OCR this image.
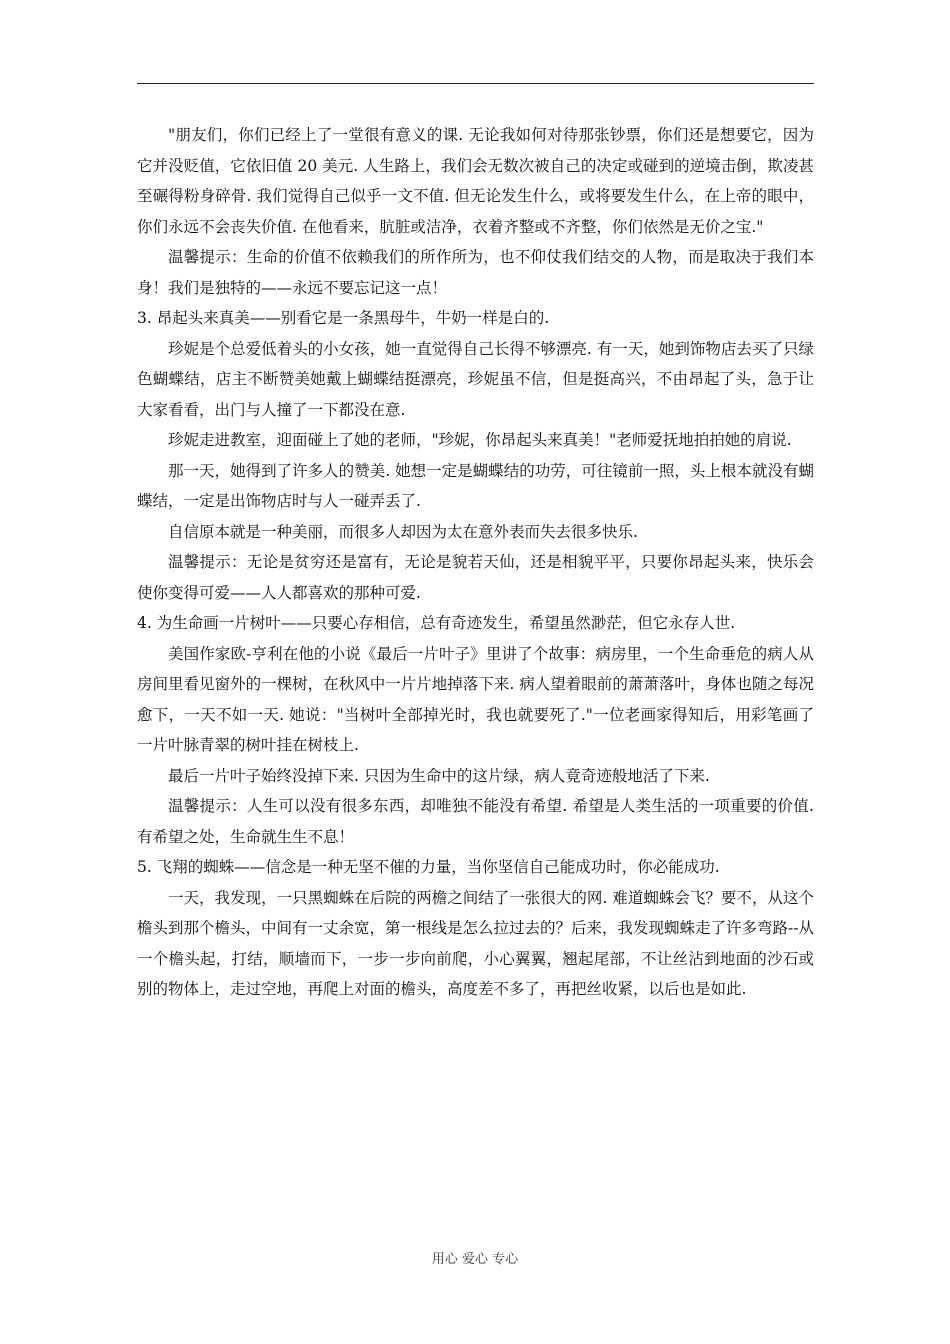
"朋友们，你们已经上了一堂很有意义的课. 无论我如何对待那张钞票，你们还是想要它，因为它并没贬值，它依旧值 20 美元. 人生路上，我们会无数次被自己的决定或碰到的逆境击倒，欺凌甚至碾得粉身碎骨. 我们觉得自己似乎一文不值. 但无论发生什么，或将要发生什么，在上帝的眼中，你们永远不会丧失价值. 在他看来，肮脏或洁净，衣着齐整或不齐整，你们依然是无价之宝."

温馨提示：生命的价值不依赖我们的所作所为，也不仰仗我们结交的人物，而是取决于我们本身！我们是独特的——永远不要忘记这一点！

3. 昂起头来真美——别看它是一条黑母牛，牛奶一样是白的.

珍妮是个总爱低着头的小女孩，她一直觉得自己长得不够漂亮. 有一天，她到饰物店去买了只绿色蝴蝶结，店主不断赞美她戴上蝴蝶结挺漂亮，珍妮虽不信，但是挺高兴，不由昂起了头，急于让大家看看，出门与人撞了一下都没在意.

珍妮走进教室，迎面碰上了她的老师，"珍妮，你昂起头来真美！"老师爱抚地拍拍她的肩说.

那一天，她得到了许多人的赞美. 她想一定是蝴蝶结的功劳，可往镜前一照，头上根本就没有蝴蝶结，一定是出饰物店时与人一碰弄丢了.

自信原本就是一种美丽，而很多人却因为太在意外表而失去很多快乐.

温馨提示：无论是贫穷还是富有，无论是貌若天仙，还是相貌平平，只要你昂起头来，快乐会使你变得可爱——人人都喜欢的那种可爱.

4. 为生命画一片树叶——只要心存相信，总有奇迹发生，希望虽然渺茫，但它永存人世.

美国作家欧-亨利在他的小说《最后一片叶子》里讲了个故事：病房里，一个生命垂危的病人从房间里看见窗外的一棵树，在秋风中一片片地掉落下来. 病人望着眼前的萧萧落叶，身体也随之每况愈下，一天不如一天. 她说："当树叶全部掉光时，我也就要死了."一位老画家得知后，用彩笔画了一片叶脉青翠的树叶挂在树枝上.

最后一片叶子始终没掉下来. 只因为生命中的这片绿，病人竟奇迹般地活了下来.

温馨提示：人生可以没有很多东西，却唯独不能没有希望. 希望是人类生活的一项重要的价值. 有希望之处，生命就生生不息！

5. 飞翔的蜘蛛——信念是一种无坚不催的力量，当你坚信自己能成功时，你必能成功.

一天，我发现，一只黑蜘蛛在后院的两檐之间结了一张很大的网. 难道蜘蛛会飞？要不，从这个檐头到那个檐头，中间有一丈余宽，第一根线是怎么拉过去的？后来，我发现蜘蛛走了许多弯路--从一个檐头起，打结，顺墙而下，一步一步向前爬，小心翼翼，翘起尾部，不让丝沾到地面的沙石或别的物体上，走过空地，再爬上对面的檐头，高度差不多了，再把丝收紧，以后也是如此.

用心 爱心 专心
